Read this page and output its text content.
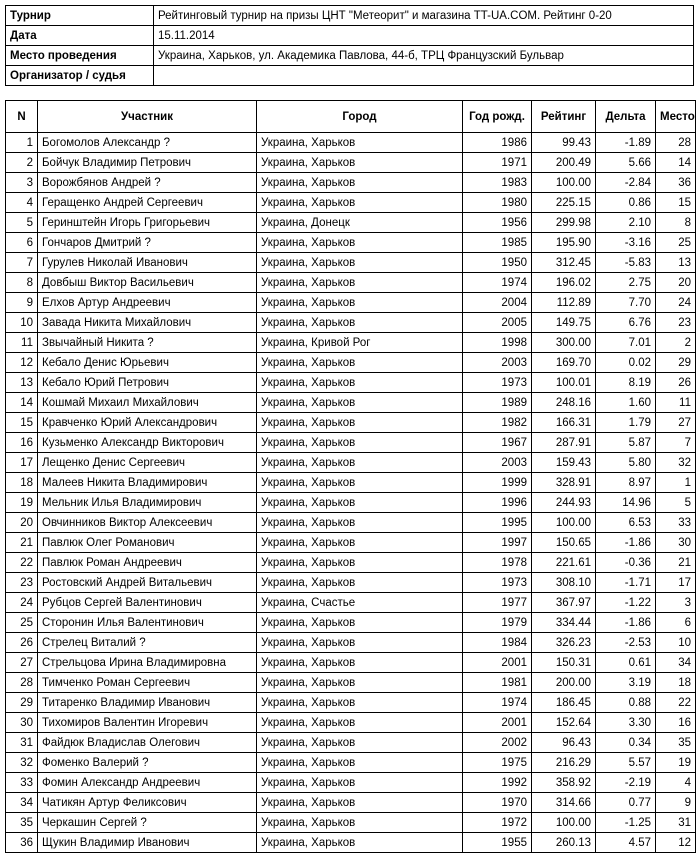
Турнир	Рейтинговый турнир на призы ЦНТ "Метеорит" и магазина TT-UA.COM. Рейтинг 0-20
Дата	15.11.2014
Место проведения	Украина, Харьков, ул. Академика Павлова, 44-б, ТРЦ Французский Бульвар
Организатор / судья	
N	Участник	Город	Год рожд.	Рейтинг	Дельта	Место
1	Богомолов Александр ?	Украина, Харьков	1986	99.43	-1.89	28
2	Бойчук Владимир Петрович	Украина, Харьков	1971	200.49	5.66	14
3	Ворожбянов Андрей ?	Украина, Харьков	1983	100.00	-2.84	36
4	Геращенко Андрей Сергеевич	Украина, Харьков	1980	225.15	0.86	15
5	Геринштейн Игорь Григорьевич	Украина, Донецк	1956	299.98	2.10	8
6	Гончаров Дмитрий ?	Украина, Харьков	1985	195.90	-3.16	25
7	Гурулев Николай Иванович	Украина, Харьков	1950	312.45	-5.83	13
8	Довбыш Виктор Васильевич	Украина, Харьков	1974	196.02	2.75	20
9	Елхов Артур Андреевич	Украина, Харьков	2004	112.89	7.70	24
10	Завада Никита Михайлович	Украина, Харьков	2005	149.75	6.76	23
11	Звычайный Никита ?	Украина, Кривой Рог	1998	300.00	7.01	2
12	Кебало Денис Юрьевич	Украина, Харьков	2003	169.70	0.02	29
13	Кебало Юрий Петрович	Украина, Харьков	1973	100.01	8.19	26
14	Кошмай Михаил Михайлович	Украина, Харьков	1989	248.16	1.60	11
15	Кравченко Юрий Александрович	Украина, Харьков	1982	166.31	1.79	27
16	Кузьменко Александр Викторович	Украина, Харьков	1967	287.91	5.87	7
17	Лещенко Денис Сергеевич	Украина, Харьков	2003	159.43	5.80	32
18	Малеев Никита Владимирович	Украина, Харьков	1999	328.91	8.97	1
19	Мельник Илья Владимирович	Украина, Харьков	1996	244.93	14.96	5
20	Овчинников Виктор Алексеевич	Украина, Харьков	1995	100.00	6.53	33
21	Павлюк Олег Романович	Украина, Харьков	1997	150.65	-1.86	30
22	Павлюк Роман Андреевич	Украина, Харьков	1978	221.61	-0.36	21
23	Ростовский Андрей Витальевич	Украина, Харьков	1973	308.10	-1.71	17
24	Рубцов Сергей Валентинович	Украина, Счастье	1977	367.97	-1.22	3
25	Сторонин Илья Валентинович	Украина, Харьков	1979	334.44	-1.86	6
26	Стрелец Виталий ?	Украина, Харьков	1984	326.23	-2.53	10
27	Стрельцова Ирина Владимировна	Украина, Харьков	2001	150.31	0.61	34
28	Тимченко Роман Сергеевич	Украина, Харьков	1981	200.00	3.19	18
29	Титаренко Владимир Иванович	Украина, Харьков	1974	186.45	0.88	22
30	Тихомиров Валентин Игоревич	Украина, Харьков	2001	152.64	3.30	16
31	Файдюк Владислав Олегович	Украина, Харьков	2002	96.43	0.34	35
32	Фоменко Валерий ?	Украина, Харьков	1975	216.29	5.57	19
33	Фомин Александр Андреевич	Украина, Харьков	1992	358.92	-2.19	4
34	Чатикян Артур Феликсович	Украина, Харьков	1970	314.66	0.77	9
35	Черкашин Сергей ?	Украина, Харьков	1972	100.00	-1.25	31
36	Щукин Владимир Иванович	Украина, Харьков	1955	260.13	4.57	12
